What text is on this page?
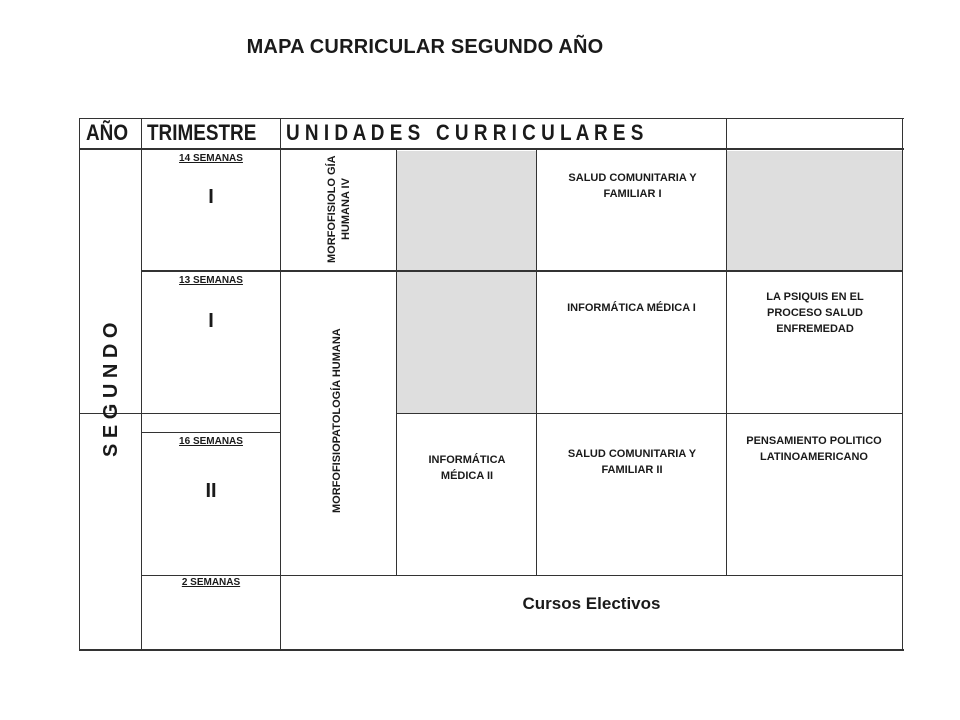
MAPA CURRICULAR SEGUNDO AÑO
AÑO TRIMESTRE U N I D A D E S   C U R R I C U L A R E S
S E G U N D O
14 SEMANAS
I
13 SEMANAS
I
16 SEMANAS
II
2 SEMANAS
MORFOFISIOLO GÍA HUMANA IV
MORFOFISIOPATOLOGÍA HUMANA
SALUD COMUNITARIA Y FAMILIAR I
INFORMÁTICA MÉDICA I
LA PSIQUIS EN EL PROCESO SALUD ENFREMEDAD
INFORMÁTICA MÉDICA II
SALUD COMUNITARIA Y FAMILIAR II
PENSAMIENTO POLITICO LATINOAMERICANO
Cursos Electivos
